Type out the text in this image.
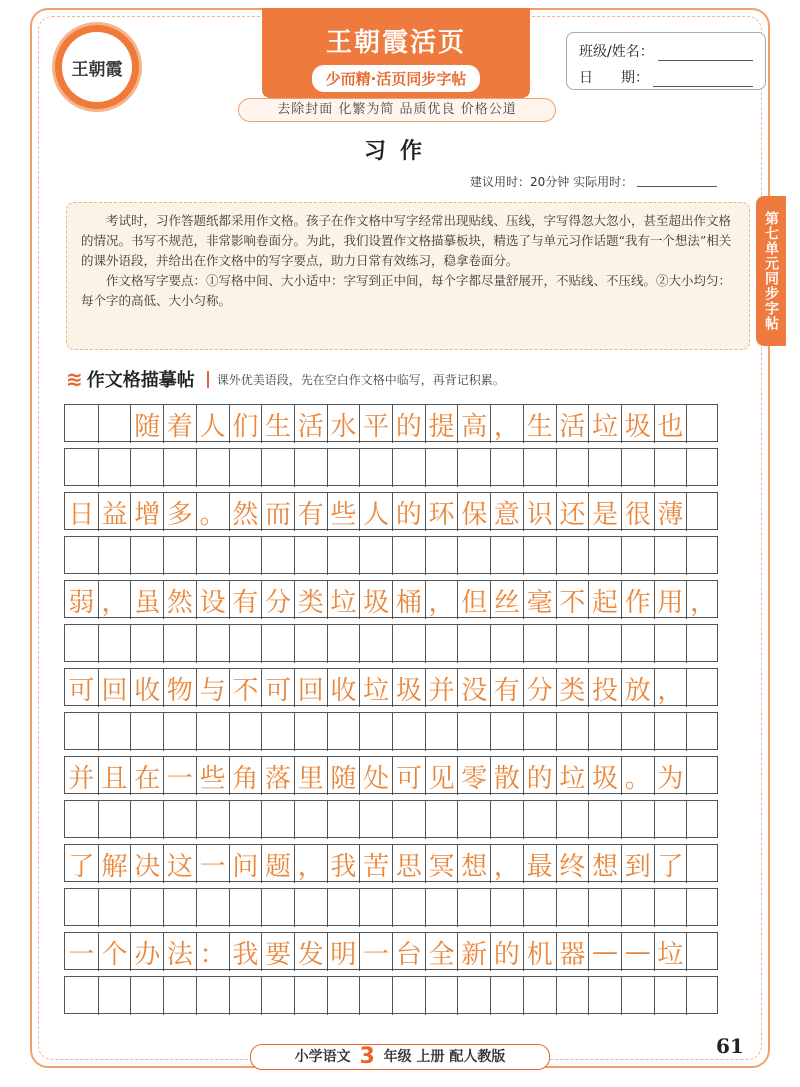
王朝霞
王朝霞活页
少而精·活页同步字帖
去除封面 化繁为简 品质优良 价格公道
班级/姓名：
日　　期：
习作
建议用时：20分钟 实际用时：
第七单元同步字帖

考试时，习作答题纸都采用作文格。孩子在作文格中写字经常出现贴线、压线，字写得忽大忽小，甚至超出作文格的情况。书写不规范，非常影响卷面分。为此，我们设置作文格描摹板块，精选了与单元习作话题“我有一个想法”相关的课外语段，并给出在作文格中的写字要点，助力日常有效练习，稳拿卷面分。

作文格写字要点：①写格中间、大小适中：字写到正中间，每个字都尽量舒展开，不贴线、不压线。②大小均匀：每个字的高低、大小匀称。

≋ 作文格描摹帖	课外优美语段，先在空白作文格中临写，再背记积累。
随 着 人 们 生 活 水 平 的 提 高 ， 生 活 垃 圾 也
日 益 增 多 。 然 而 有 些 人 的 环 保 意 识 还 是 很 薄
弱 ， 虽 然 设 有 分 类 垃 圾 桶 ， 但 丝 毫 不 起 作 用 ，
可 回 收 物 与 不 可 回 收 垃 圾 并 没 有 分 类 投 放 ，
并 且 在 一 些 角 落 里 随 处 可 见 零 散 的 垃 圾 。 为
了 解 决 这 一 问 题 ， 我 苦 思 冥 想 ， 最 终 想 到 了
一 个 办 法 ： 我 要 发 明 一 台 全 新 的 机 器 — — 垃
小学语文 3 年级 上册 配人教版	61
